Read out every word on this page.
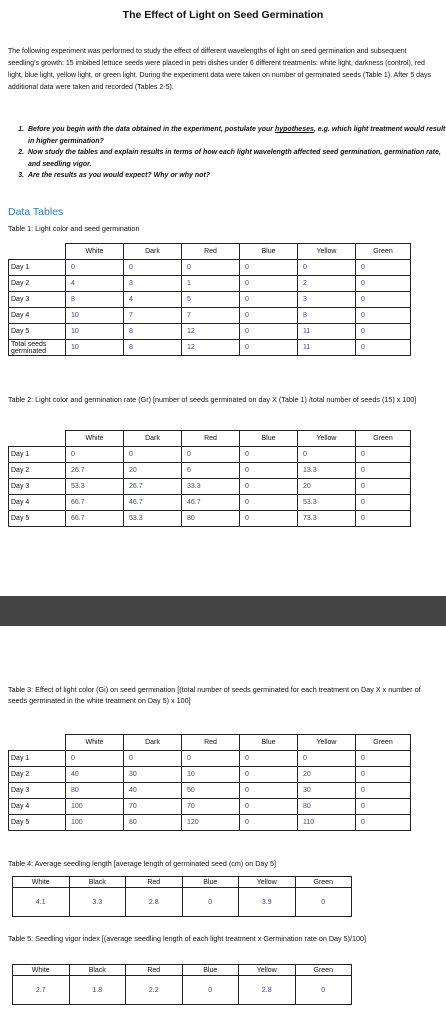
The Effect of Light on Seed Germination
The following experiment was performed to study the effect of different wavelengths of light on seed germination and subsequent seedling’s growth: 15 imbibed lettuce seeds were placed in petri dishes under 6 different treatments: white light, darkness (control), red light, blue light, yellow light, or green light. During the experiment data were taken on number of germinated seeds (Table 1). After 5 days additional data were taken and recorded (Tables 2-5).
1. Before you begin with the data obtained in the experiment, postulate your hypotheses, e.g. which light treatment would result in higher germination?
2. Now study the tables and explain results in terms of how each light wavelength affected seed germination, germination rate, and seedling vigor.
3. Are the results as you would expect? Why or why not?
Data Tables
Table 1: Light color and seed germination
	White	Dark	Red	Blue	Yellow	Green
Day 1	0	0	0	0	0	0
Day 2	4	3	1	0	2	0
Day 3	8	4	5	0	3	0
Day 4	10	7	7	0	8	0
Day 5	10	8	12	0	11	0
Total seeds germinated	10	8	12	0	11	0
Table 2: Light color and germination rate (Gr) [number of seeds germinated on day X (Table 1) /total number of seeds (15) x 100]
	White	Dark	Red	Blue	Yellow	Green
Day 1	0	0	0	0	0	0
Day 2	26.7	20	6	0	13.3	0
Day 3	53.3	26.7	33.3	0	20	0
Day 4	66.7	46.7	46.7	0	53.3	0
Day 5	66.7	53.3	80	0	73.3	0
Table 3: Effect of light color (Gi) on seed germination [(total number of seeds germinated for each treatment on Day X x number of seeds germinated in the white treatment on Day 5) x 100]
	White	Dark	Red	Blue	Yellow	Green
Day 1	0	0	0	0	0	0
Day 2	40	30	10	0	20	0
Day 3	80	40	50	0	30	0
Day 4	100	70	70	0	80	0
Day 5	100	80	120	0	110	0
Table 4: Average seedling length [average length of germinated seed (cm) on Day 5]
White	Black	Red	Blue	Yellow	Green
4.1	3.3	2.8	0	3.9	0
Table 5: Seedling vigor index [(average seedling length of each light treatment x Germination rate on Day 5)/100]
White	Black	Red	Blue	Yellow	Green
2.7	1.8	2.2	0	2.8	0
